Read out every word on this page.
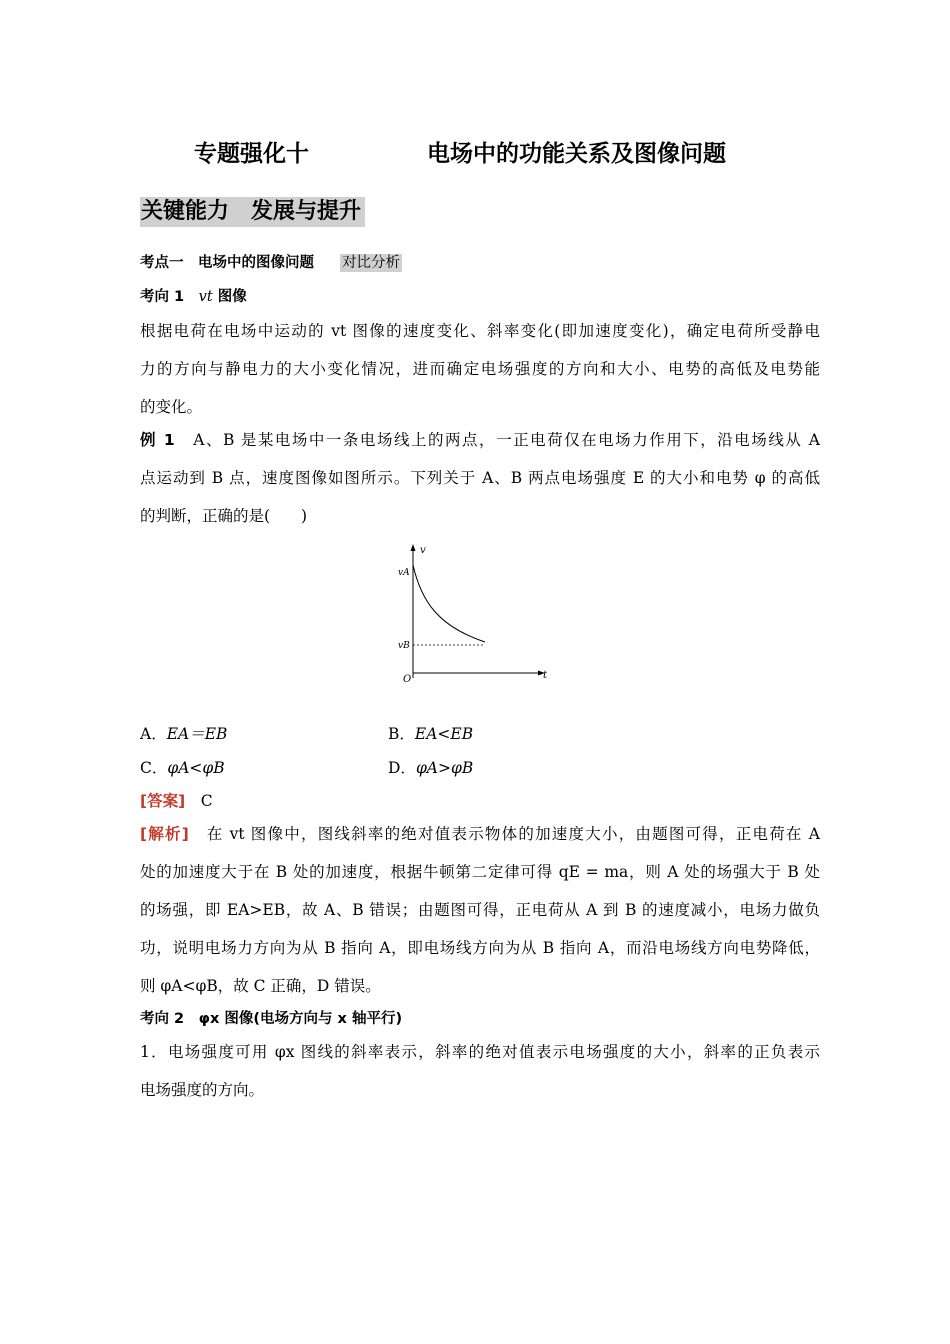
专题强化十	电场中的功能关系及图像问题
关键能力　发展与提升
考点一　电场中的图像问题 对比分析
考向 1　vt 图像
根据电荷在电场中运动的 vt 图像的速度变化、斜率变化(即加速度变化)，确定电荷所受静电
力的方向与静电力的大小变化情况，进而确定电场强度的方向和大小、电势的高低及电势能
的变化。
例 1　 A、B 是某电场中一条电场线上的两点，一正电荷仅在电场力作用下，沿电场线从 A
点运动到 B 点，速度图像如图所示。下列关于 A、B 两点电场强度 E 的大小和电势 φ 的高低
的判断，正确的是(　　)
v
t
O
vA
vB
A．EA＝EB	B．EA<EB
C．φA<φB	D．φA>φB
[答案]　 C
[解析]　 在 vt 图像中，图线斜率的绝对值表示物体的加速度大小，由题图可得，正电荷在 A
处的加速度大于在 B 处的加速度，根据牛顿第二定律可得 qE = ma，则 A 处的场强大于 B 处
的场强，即 EA>EB，故 A、B 错误；由题图可得，正电荷从 A 到 B 的速度减小，电场力做负
功，说明电场力方向为从 B 指向 A，即电场线方向为从 B 指向 A，而沿电场线方向电势降低，
则 φA<φB，故 C 正确，D 错误。
考向 2　φx 图像(电场方向与 x 轴平行)
1．电场强度可用 φx 图线的斜率表示，斜率的绝对值表示电场强度的大小，斜率的正负表示
电场强度的方向。
